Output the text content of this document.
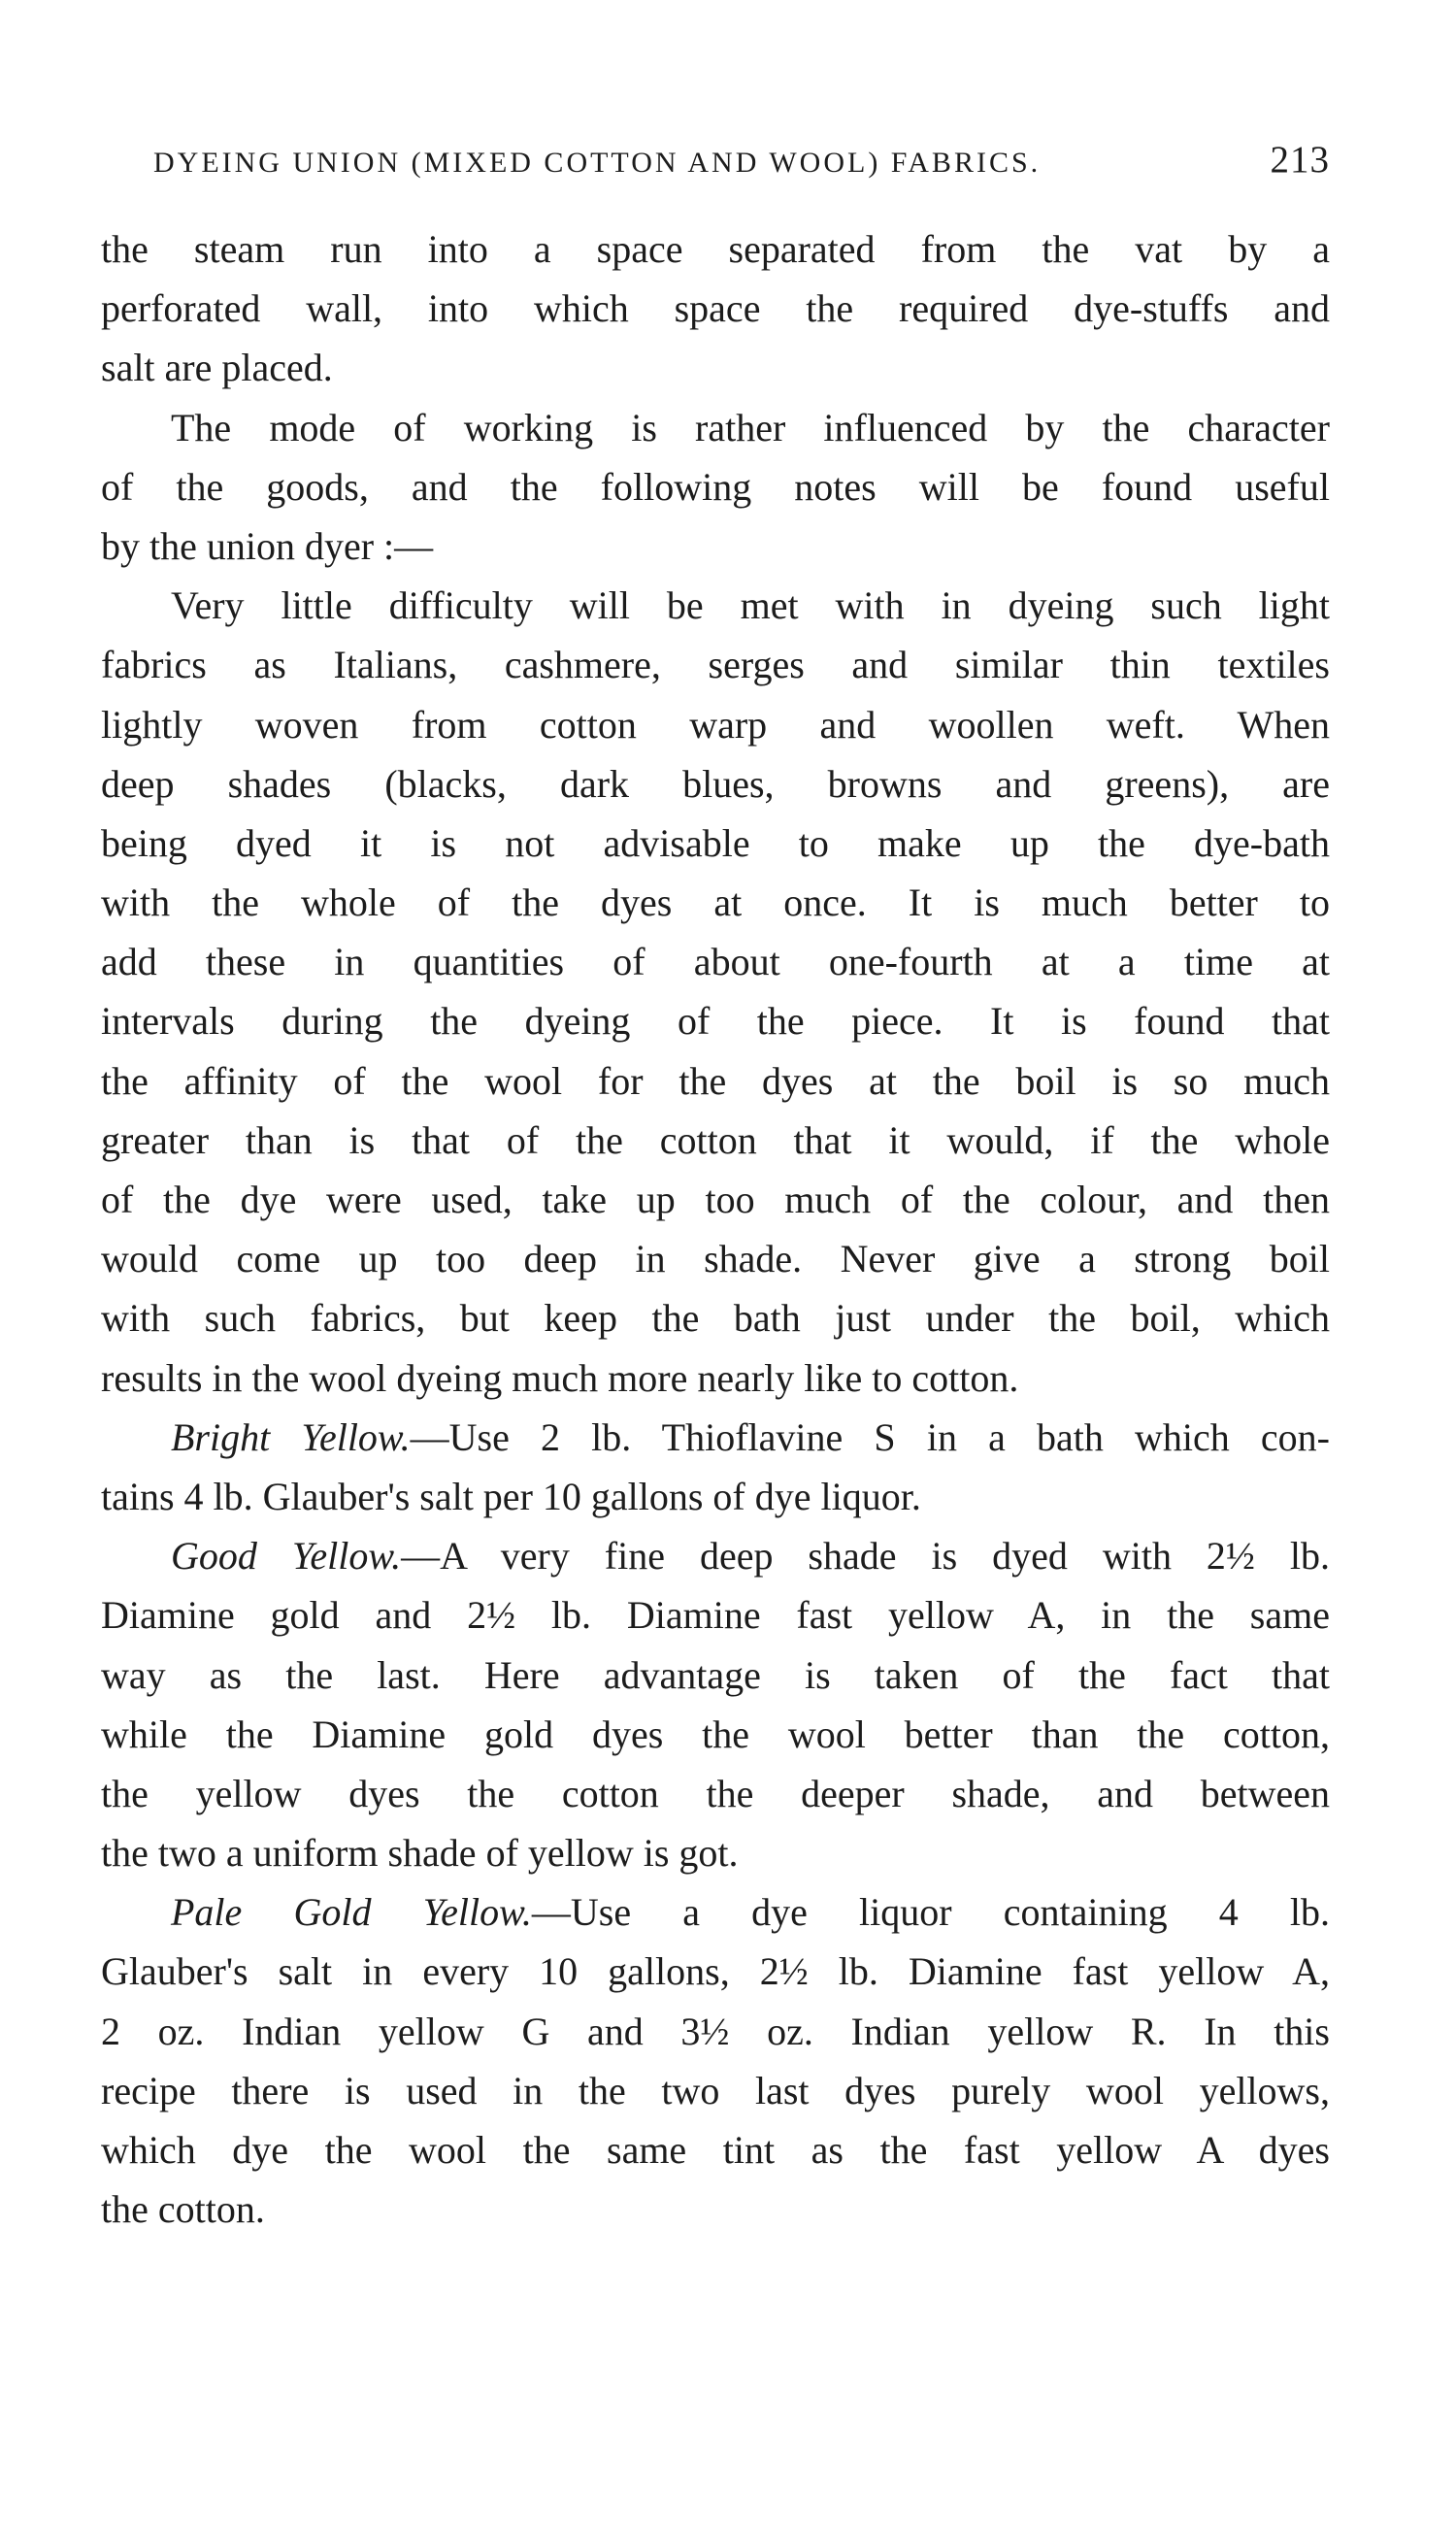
DYEING UNION (MIXED COTTON AND WOOL) FABRICS.	213
the steam run into a space separated from the vat by a
perforated wall, into which space the required dye-stuffs and
salt are placed.
The mode of working is rather influenced by the character
of the goods, and the following notes will be found useful
by the union dyer :—
Very little difficulty will be met with in dyeing such light
fabrics as Italians, cashmere, serges and similar thin textiles
lightly woven from cotton warp and woollen weft. When
deep shades (blacks, dark blues, browns and greens), are
being dyed it is not advisable to make up the dye-bath
with the whole of the dyes at once. It is much better to
add these in quantities of about one-fourth at a time at
intervals during the dyeing of the piece. It is found that
the affinity of the wool for the dyes at the boil is so much
greater than is that of the cotton that it would, if the whole
of the dye were used, take up too much of the colour, and then
would come up too deep in shade. Never give a strong boil
with such fabrics, but keep the bath just under the boil, which
results in the wool dyeing much more nearly like to cotton.
Bright Yellow.—Use 2 lb. Thioflavine S in a bath which con-
tains 4 lb. Glauber's salt per 10 gallons of dye liquor.
Good Yellow.—A very fine deep shade is dyed with 2½ lb.
Diamine gold and 2½ lb. Diamine fast yellow A, in the same
way as the last. Here advantage is taken of the fact that
while the Diamine gold dyes the wool better than the cotton,
the yellow dyes the cotton the deeper shade, and between
the two a uniform shade of yellow is got.
Pale Gold Yellow.—Use a dye liquor containing 4 lb.
Glauber's salt in every 10 gallons, 2½ lb. Diamine fast yellow A,
2 oz. Indian yellow G and 3½ oz. Indian yellow R. In this
recipe there is used in the two last dyes purely wool yellows,
which dye the wool the same tint as the fast yellow A dyes
the cotton.
